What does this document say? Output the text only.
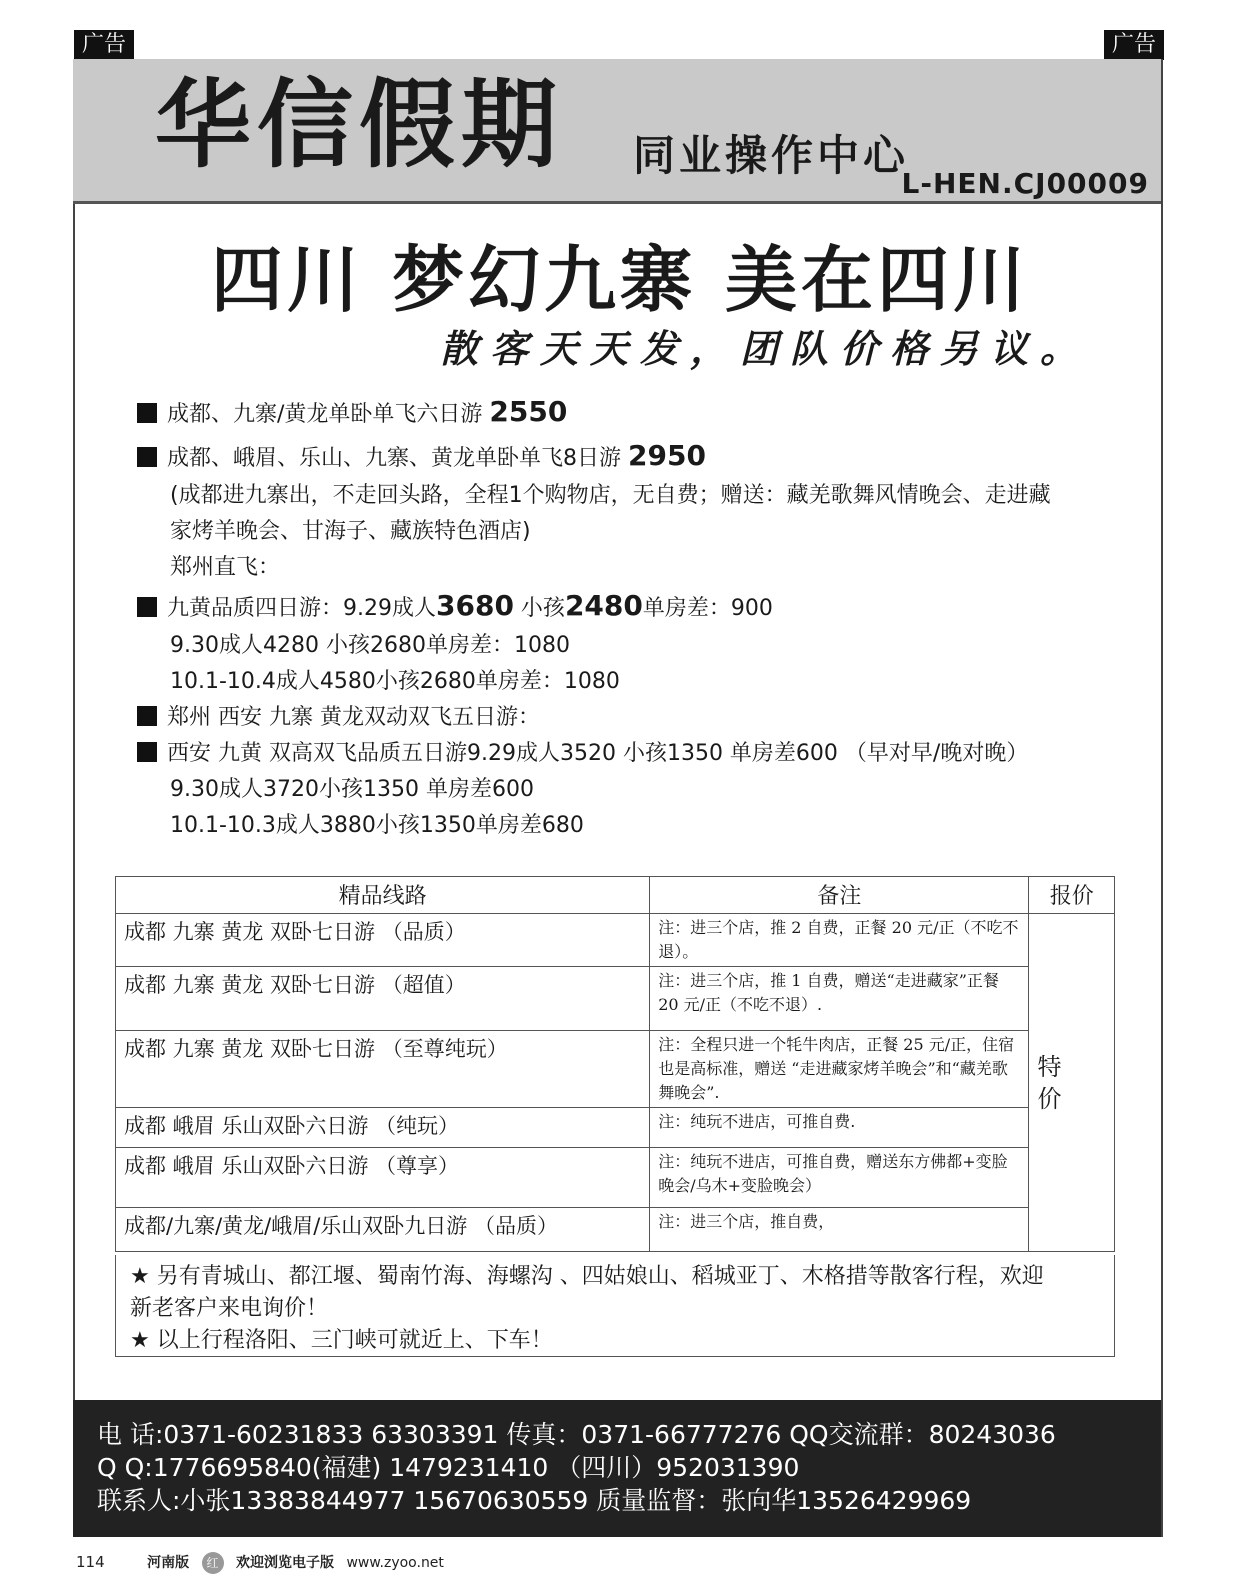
广告	广告
华信假期 同业操作中心
L-HEN.CJ00009
四川 梦幻九寨 美在四川
散客天天发，团队价格另议。
成都、九寨/黄龙单卧单飞六日游 2550
成都、峨眉、乐山、九寨、黄龙单卧单飞8日游 2950
(成都进九寨出，不走回头路，全程1个购物店，无自费；赠送：藏羌歌舞风情晚会、走进藏
家烤羊晚会、甘海子、藏族特色酒店)
郑州直飞：
九黄品质四日游：9.29成人3680 小孩2480单房差：900
9.30成人4280 小孩2680单房差：1080
10.1-10.4成人4580小孩2680单房差：1080
郑州 西安 九寨 黄龙双动双飞五日游：
西安 九黄 双高双飞品质五日游9.29成人3520 小孩1350 单房差600 （早对早/晚对晚）
9.30成人3720小孩1350 单房差600
10.1-10.3成人3880小孩1350单房差680
精品线路	备注	报价
成都 九寨 黄龙 双卧七日游 （品质）	注：进三个店，推 2 自费，正餐 20 元/正（不吃不退）。	特价

成都 九寨 黄龙 双卧七日游 （超值）	注：进三个店，推 1 自费，赠送“走进藏家”正餐 20 元/正（不吃不退）.	
成都 九寨 黄龙 双卧七日游 （至尊纯玩）	注：全程只进一个牦牛肉店，正餐 25 元/正，住宿也是高标准，赠送 “走进藏家烤羊晚会”和“藏羌歌舞晚会”.	
成都 峨眉 乐山双卧六日游 （纯玩）	注：纯玩不进店，可推自费.	
成都 峨眉 乐山双卧六日游 （尊享）	注：纯玩不进店，可推自费，赠送东方佛都+变脸晚会/乌木+变脸晚会）	
成都/九寨/黄龙/峨眉/乐山双卧九日游 （品质）	注：进三个店，推自费，	
★ 另有青城山、都江堰、蜀南竹海、海螺沟 、四姑娘山、稻城亚丁、木格措等散客行程，欢迎
新老客户来电询价！
★ 以上行程洛阳、三门峡可就近上、下车！
电 话:0371-60231833 63303391 传真：0371-66777276 QQ交流群：80243036
Q Q:1776695840(福建) 1479231410 （四川）952031390
联系人:小张13383844977 15670630559 质量监督：张向华13526429969
114	河南版 红 欢迎浏览电子版 www.zyoo.net
